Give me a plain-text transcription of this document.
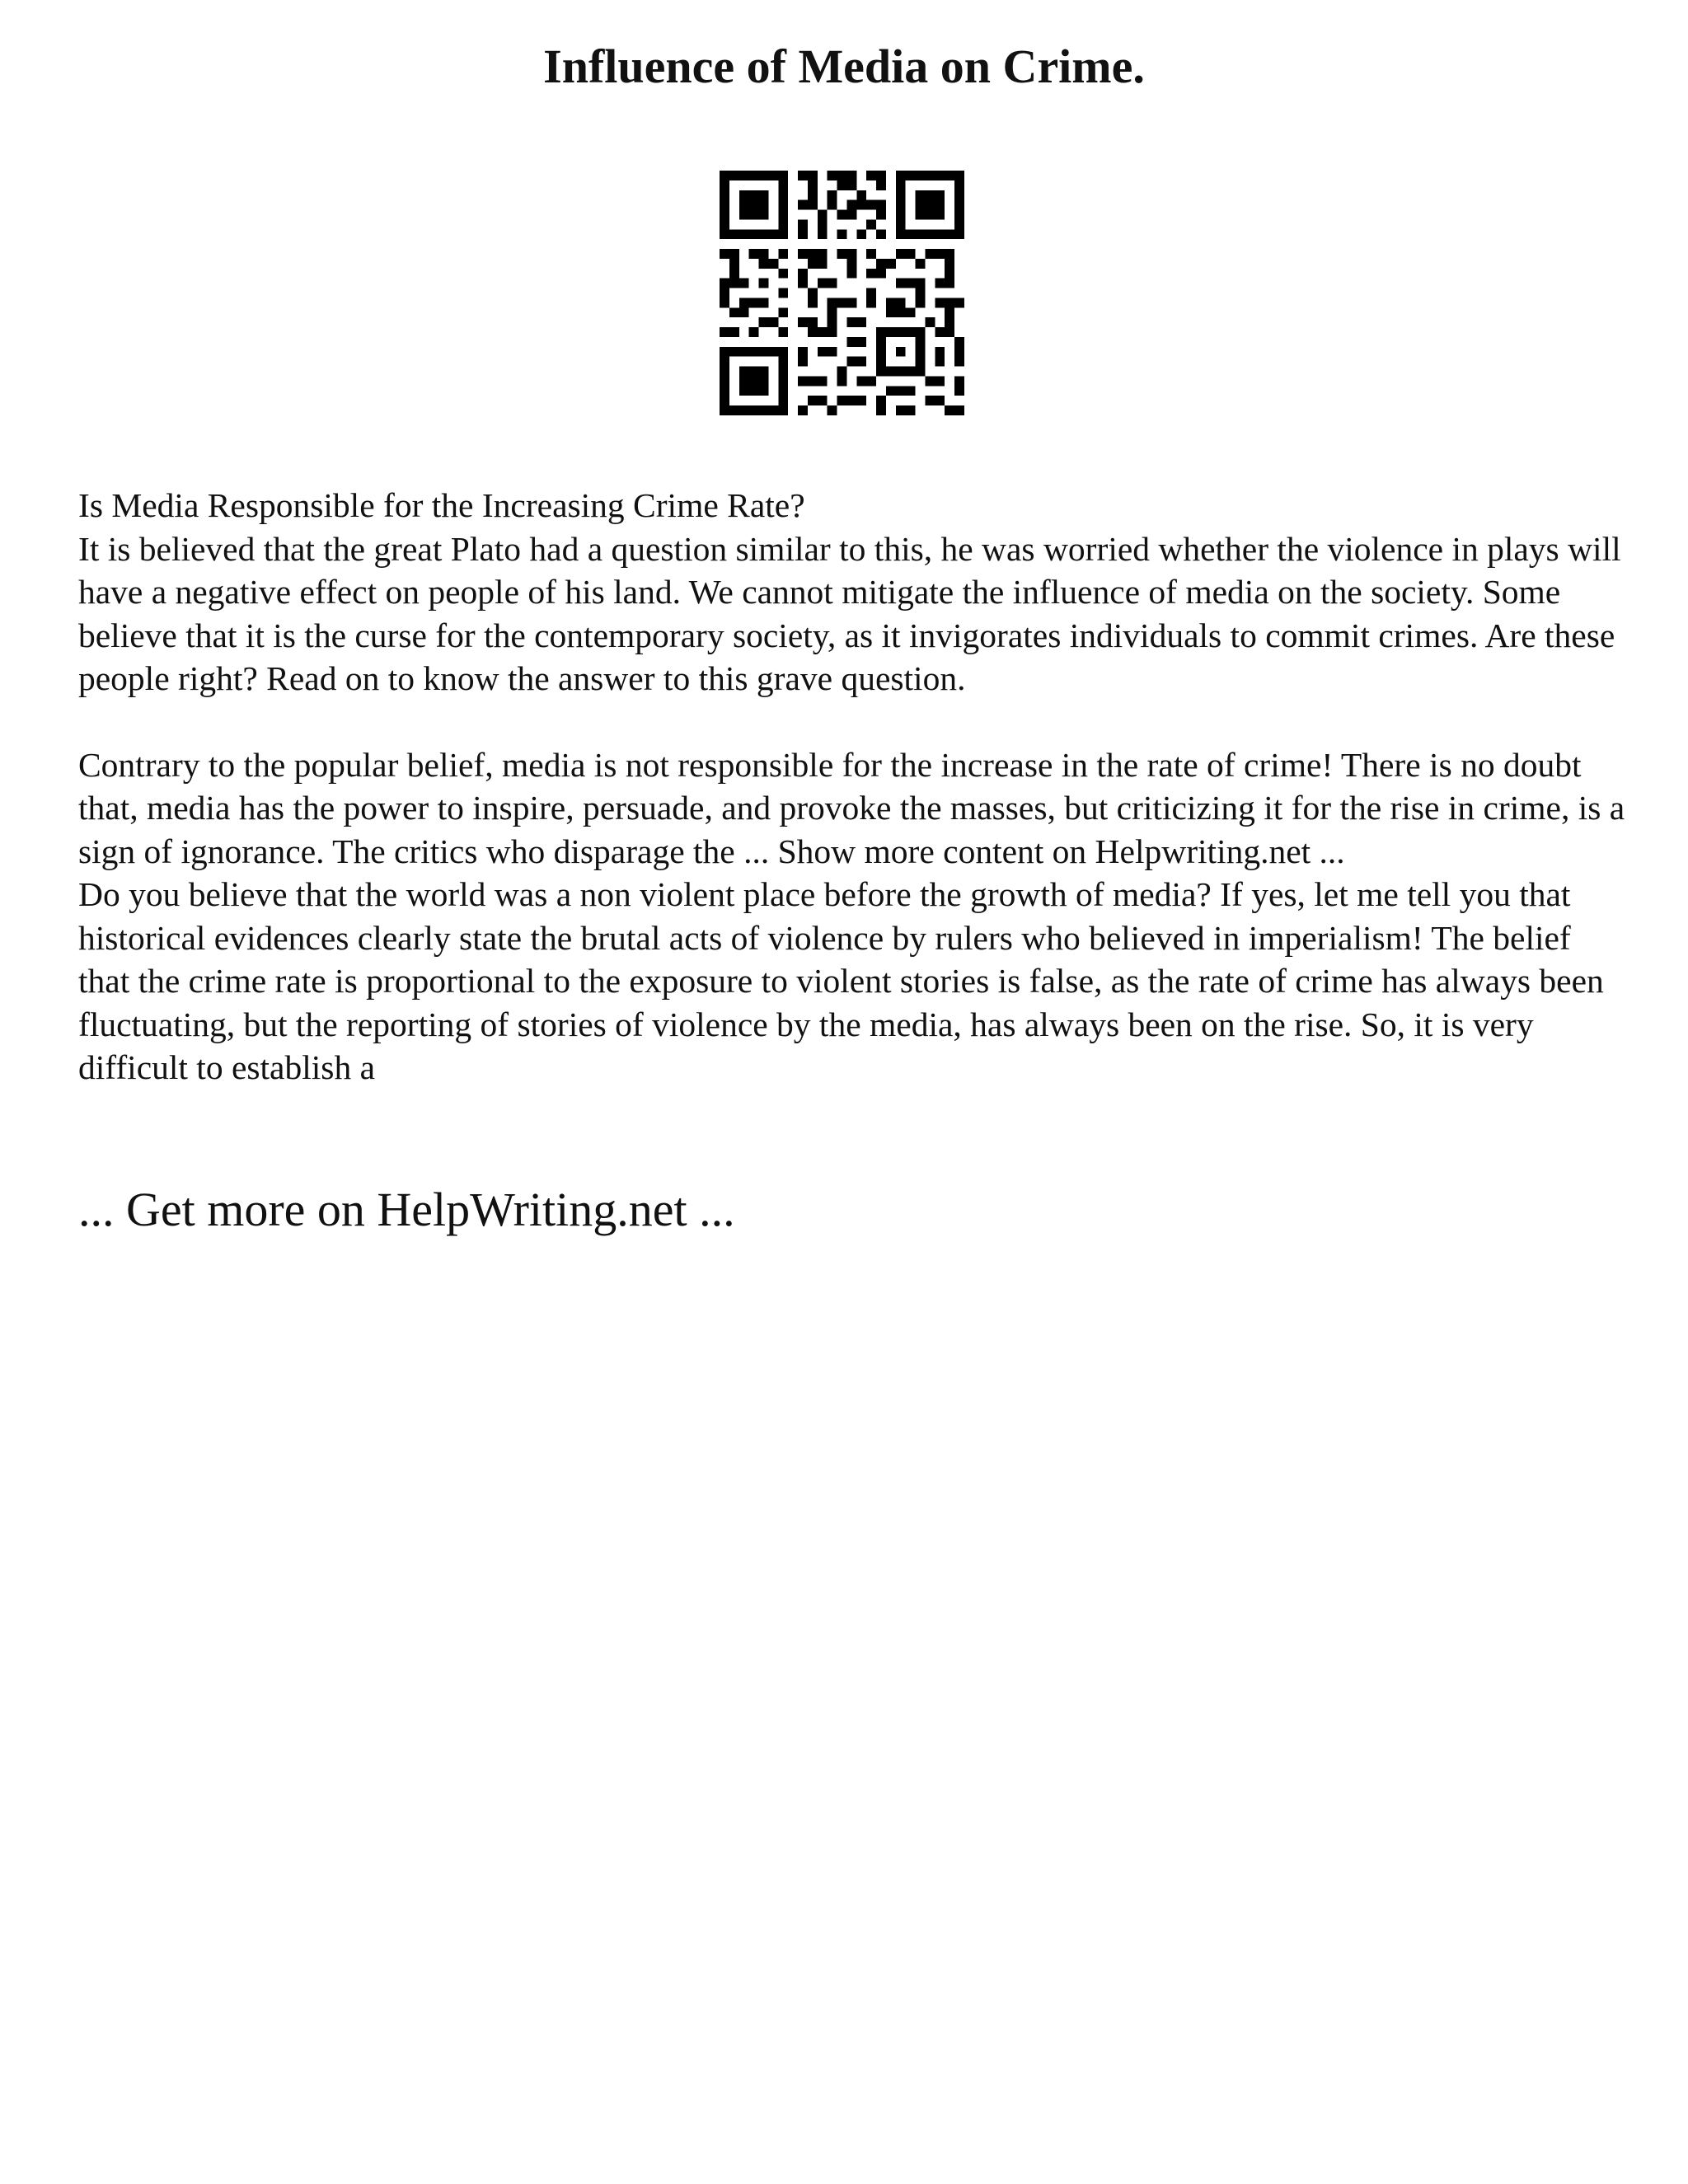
Influence of Media on Crime.

Is Media Responsible for the Increasing Crime Rate?

It is believed that the great Plato had a question similar to this, he was worried whether the violence in plays will have a negative effect on people of his land. We cannot mitigate the influence of media on the society. Some believe that it is the curse for the contemporary society, as it invigorates individuals to commit crimes. Are these people right? Read on to know the answer to this grave question.

Contrary to the popular belief, media is not responsible for the increase in the rate of crime! There is no doubt that, media has the power to inspire, persuade, and provoke the masses, but criticizing it for the rise in crime, is a sign of ignorance. The critics who disparage the ... Show more content on Helpwriting.net ...

Do you believe that the world was a non violent place before the growth of media? If yes, let me tell you that historical evidences clearly state the brutal acts of violence by rulers who believed in imperialism! The belief that the crime rate is proportional to the exposure to violent stories is false, as the rate of crime has always been fluctuating, but the reporting of stories of violence by the media, has always been on the rise. So, it is very difficult to establish a

... Get more on HelpWriting.net ...
